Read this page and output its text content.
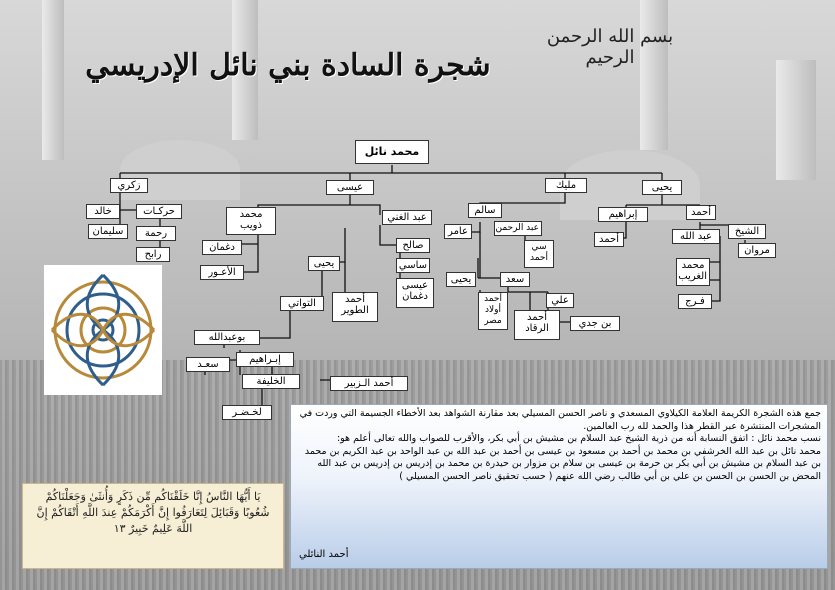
بسم الله الرحمن الرحيم
شجرة السادة بني نائل الإدريسي
محمد نائل
يحيى
مليك
عيسى
زكري
أحمد
إبراهيم
أحمد	عبد الله	الشيخ
مروان
محمد الغريب
فـرج
سالم
عامر	عبد الرحمن
سي أحمد
سعد
يحيى
علي
أحمد أولاد مصر	أحمد الرقاد	بن جدي
محمد ذويب
عبد الغني
صالح
ساسي
عيسى دغمان
دغمان
الأعـور
يحيى
أحمد الطوير
التواتي
حركـات
خالد
رحمة
سليمان
رابح
بوعبدالله
إبـراهيم
سعـد
الخليفة	أحمد الـزبير
لخـضـر	جمع هذه الشجرة الكريمة العلامة الكيلاوي المسعدي و ناصر الحسن المسيلي بعد مقارنة الشواهد بعد الأخطاء الجسيمة التي وردت في المشجرات المنتشرة عبر القطر هذا والحمد لله رب العالمين.

نسب محمد نائل : اتفق النسابة أنه من ذرية الشيخ عبد السلام بن مشيش بن أبي بكر، والأقرب للصواب والله تعالى أعلم هو:

محمد نائل بن عبد الله الخرشفي بن محمد بن أحمد بن مسعود بن عيسى بن أحمد بن عبد الله بن عبد الواحد بن عبد الكريم بن محمد بن عبد السلام بن مشيش بن أبي بكر بن حرمة بن عيسى بن سلام بن مزوار بن حيدرة بن محمد بن إدريس بن إدريس بن عبد الله المحض بن الحسن بن الحسن بن علي بن أبي طالب رضي الله عنهم ( حسب تحقيق ناصر الحسن المسيلي )

أحمد النائلي
يَا أَيُّهَا النَّاسُ إِنَّا خَلَقْنَاكُم مِّن ذَكَرٍ وَأُنثَىٰ وَجَعَلْنَاكُمْ شُعُوبًا وَقَبَائِلَ لِتَعَارَفُوا إِنَّ أَكْرَمَكُمْ عِندَ اللَّهِ أَتْقَاكُمْ إِنَّ اللَّهَ عَلِيمٌ خَبِيرٌ ١٣
